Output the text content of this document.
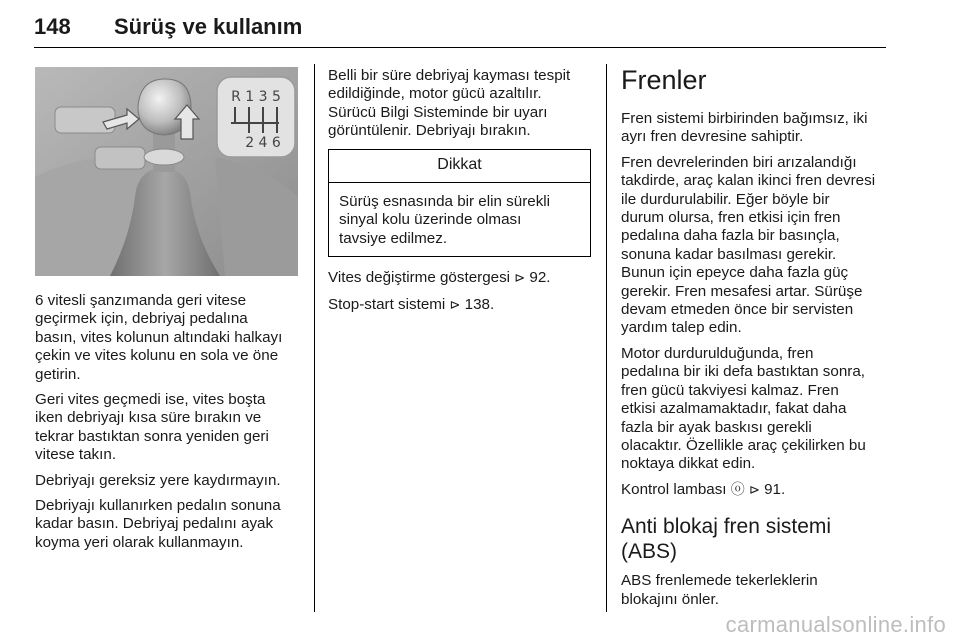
148 Sürüş ve kullanım
R 1 3 5
2 4 6

6 vitesli şanzımanda geri vitese
geçirmek için, debriyaj pedalına
basın, vites kolunun altındaki halkayı
çekin ve vites kolunu en sola ve öne
getirin.

Geri vites geçmedi ise, vites boşta
iken debriyajı kısa süre bırakın ve
tekrar bastıktan sonra yeniden geri
vitese takın.

Debriyajı gereksiz yere kaydırmayın.

Debriyajı kullanırken pedalın sonuna
kadar basın. Debriyaj pedalını ayak
koyma yeri olarak kullanmayın.

Belli bir süre debriyaj kayması tespit
edildiğinde, motor gücü azaltılır.
Sürücü Bilgi Sisteminde bir uyarı
görüntülenir. Debriyajı bırakın.

Dikkat
Sürüş esnasında bir elin sürekli
sinyal kolu üzerinde olması
tavsiye edilmez.

Vites değiştirme göstergesi ⊳ 92.

Stop-start sistemi ⊳ 138.

Frenler

Fren sistemi birbirinden bağımsız, iki
ayrı fren devresine sahiptir.

Fren devrelerinden biri arızalandığı
takdirde, araç kalan ikinci fren devresi
ile durdurulabilir. Eğer böyle bir
durum olursa, fren etkisi için fren
pedalına daha fazla bir basınçla,
sonuna kadar basılması gerekir.
Bunun için epeyce daha fazla güç
gerekir. Fren mesafesi artar. Sürüşe
devam etmeden önce bir servisten
yardım talep edin.

Motor durdurulduğunda, fren
pedalına bir iki defa bastıktan sonra,
fren gücü takviyesi kalmaz. Fren
etkisi azalmamaktadır, fakat daha
fazla bir ayak baskısı gerekli
olacaktır. Özellikle araç çekilirken bu
noktaya dikkat edin.

Kontrol lambası ⓞ ⊳ 91.

Anti blokaj fren sistemi
(ABS)

ABS frenlemede tekerleklerin
blokajını önler.

carmanualsonline.info
